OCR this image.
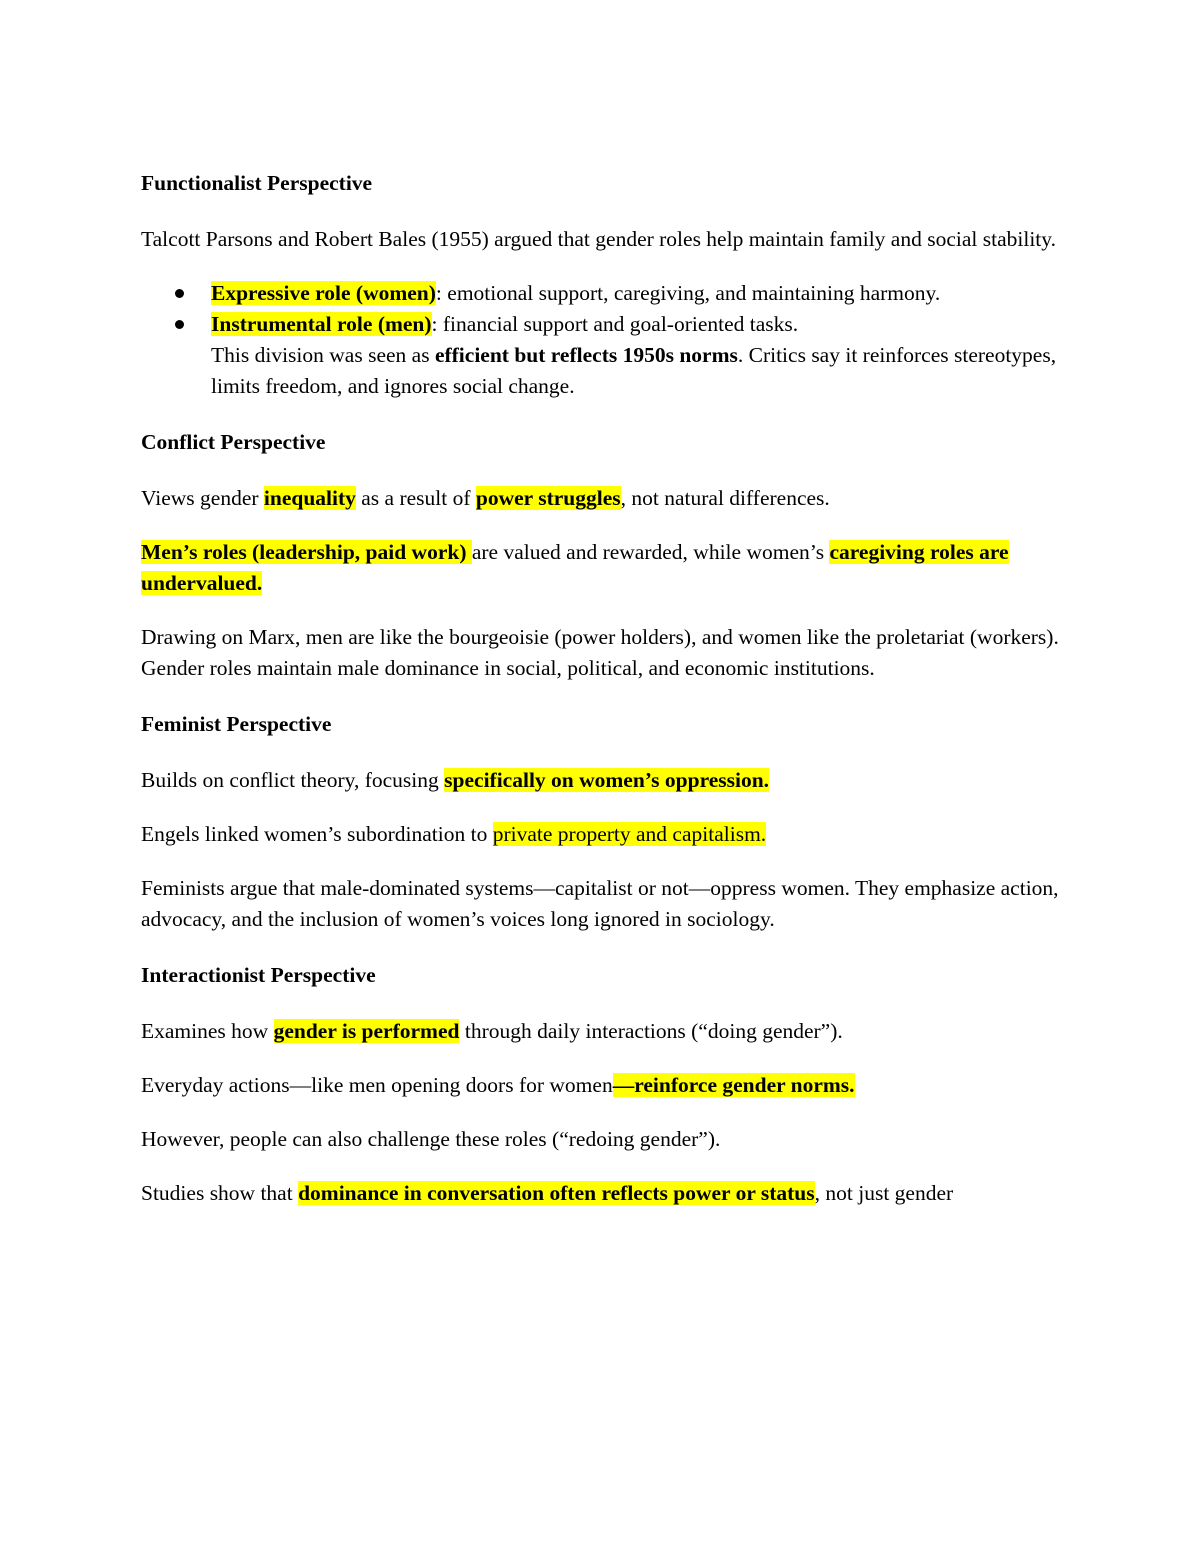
Functionalist Perspective

Talcott Parsons and Robert Bales (1955) argued that gender roles help maintain family and social stability.

Expressive role (women): emotional support, caregiving, and maintaining harmony.
Instrumental role (men): financial support and goal-oriented tasks.
This division was seen as efficient but reflects 1950s norms. Critics say it reinforces stereotypes, limits freedom, and ignores social change.
Conflict Perspective

Views gender inequality as a result of power struggles, not natural differences.

Men’s roles (leadership, paid work) are valued and rewarded, while women’s caregiving roles are undervalued.

Drawing on Marx, men are like the bourgeoisie (power holders), and women like the proletariat (workers). Gender roles maintain male dominance in social, political, and economic institutions.

Feminist Perspective

Builds on conflict theory, focusing specifically on women’s oppression.

Engels linked women’s subordination to private property and capitalism.

Feminists argue that male-dominated systems—capitalist or not—oppress women. They emphasize action, advocacy, and the inclusion of women’s voices long ignored in sociology.

Interactionist Perspective

Examines how gender is performed through daily interactions (“doing gender”).

Everyday actions—like men opening doors for women—reinforce gender norms.

However, people can also challenge these roles (“redoing gender”).

Studies show that dominance in conversation often reflects power or status, not just gender
